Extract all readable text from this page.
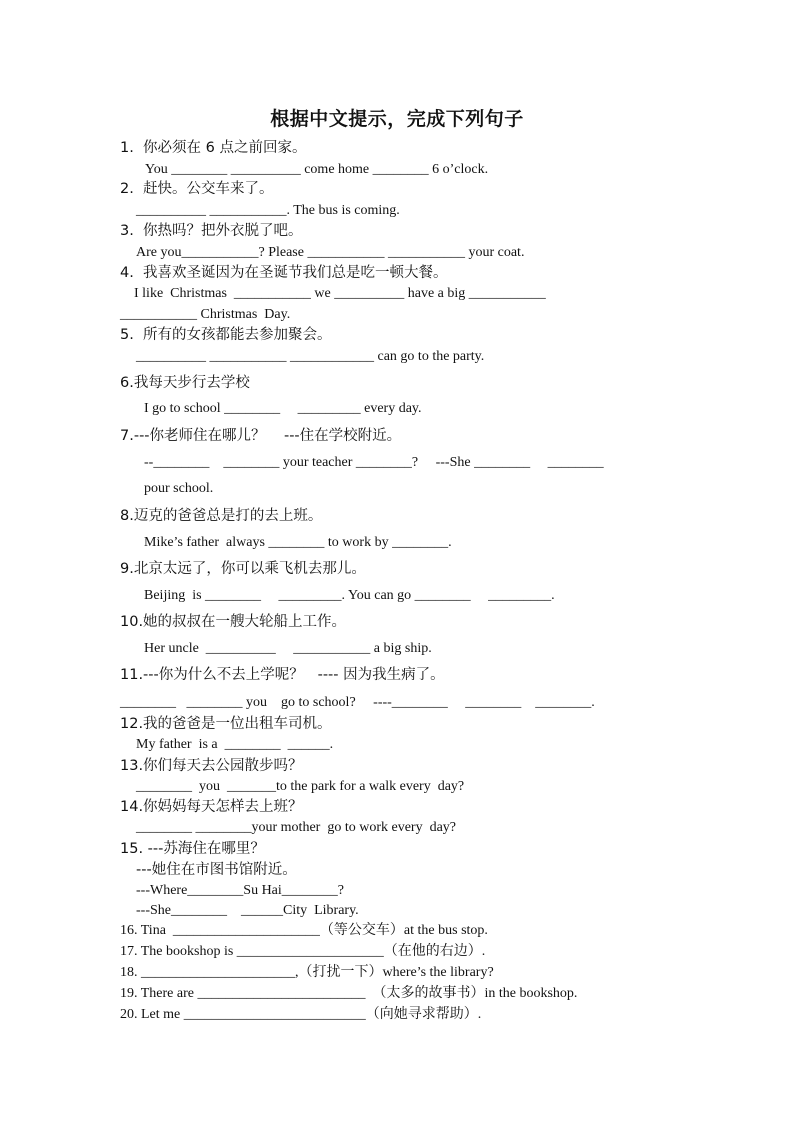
根据中文提示，完成下列句子
1.  你必须在 6 点之前回家。
You ________ __________ come home ________ 6 o’clock.
2.  赶快。公交车来了。
__________ ___________. The bus is coming.
3.  你热吗？把外衣脱了吧。
Are you___________? Please ___________ ___________ your coat.
4.  我喜欢圣诞因为在圣诞节我们总是吃一顿大餐。
I like  Christmas  ___________ we __________ have a big ___________
___________ Christmas  Day.
5.  所有的女孩都能去参加聚会。
__________ ___________ ____________ can go to the party.
6.我每天步行去学校
I go to school ________     _________ every day.
7.---你老师住在哪儿？    ---住在学校附近。
--________    ________ your teacher ________?     ---She ________     ________
pour school.
8.迈克的爸爸总是打的去上班。
Mike’s father  always ________ to work by ________.
9.北京太远了，你可以乘飞机去那儿。
Beijing  is ________     _________. You can go ________     _________.
10.她的叔叔在一艘大轮船上工作。
Her uncle  __________     ___________ a big ship.
11.---你为什么不去上学呢？   ---- 因为我生病了。
________   ________ you    go to school?     ----________     ________    ________.
12.我的爸爸是一位出租车司机。
My father  is a  ________  ______.
13.你们每天去公园散步吗？
________  you  _______to the park for a walk every  day?
14.你妈妈每天怎样去上班？
________ ________your mother  go to work every  day?
15. ---苏海住在哪里？
---她住在市图书馆附近。
---Where________Su Hai________?
---She________    ______City  Library.
16. Tina  _____________________（等公交车）at the bus stop.
17. The bookshop is _____________________（在他的右边）.
18. ______________________,（打扰一下）where’s the library?
19. There are ________________________  （太多的故事书）in the bookshop.
20. Let me __________________________（向她寻求帮助）.
